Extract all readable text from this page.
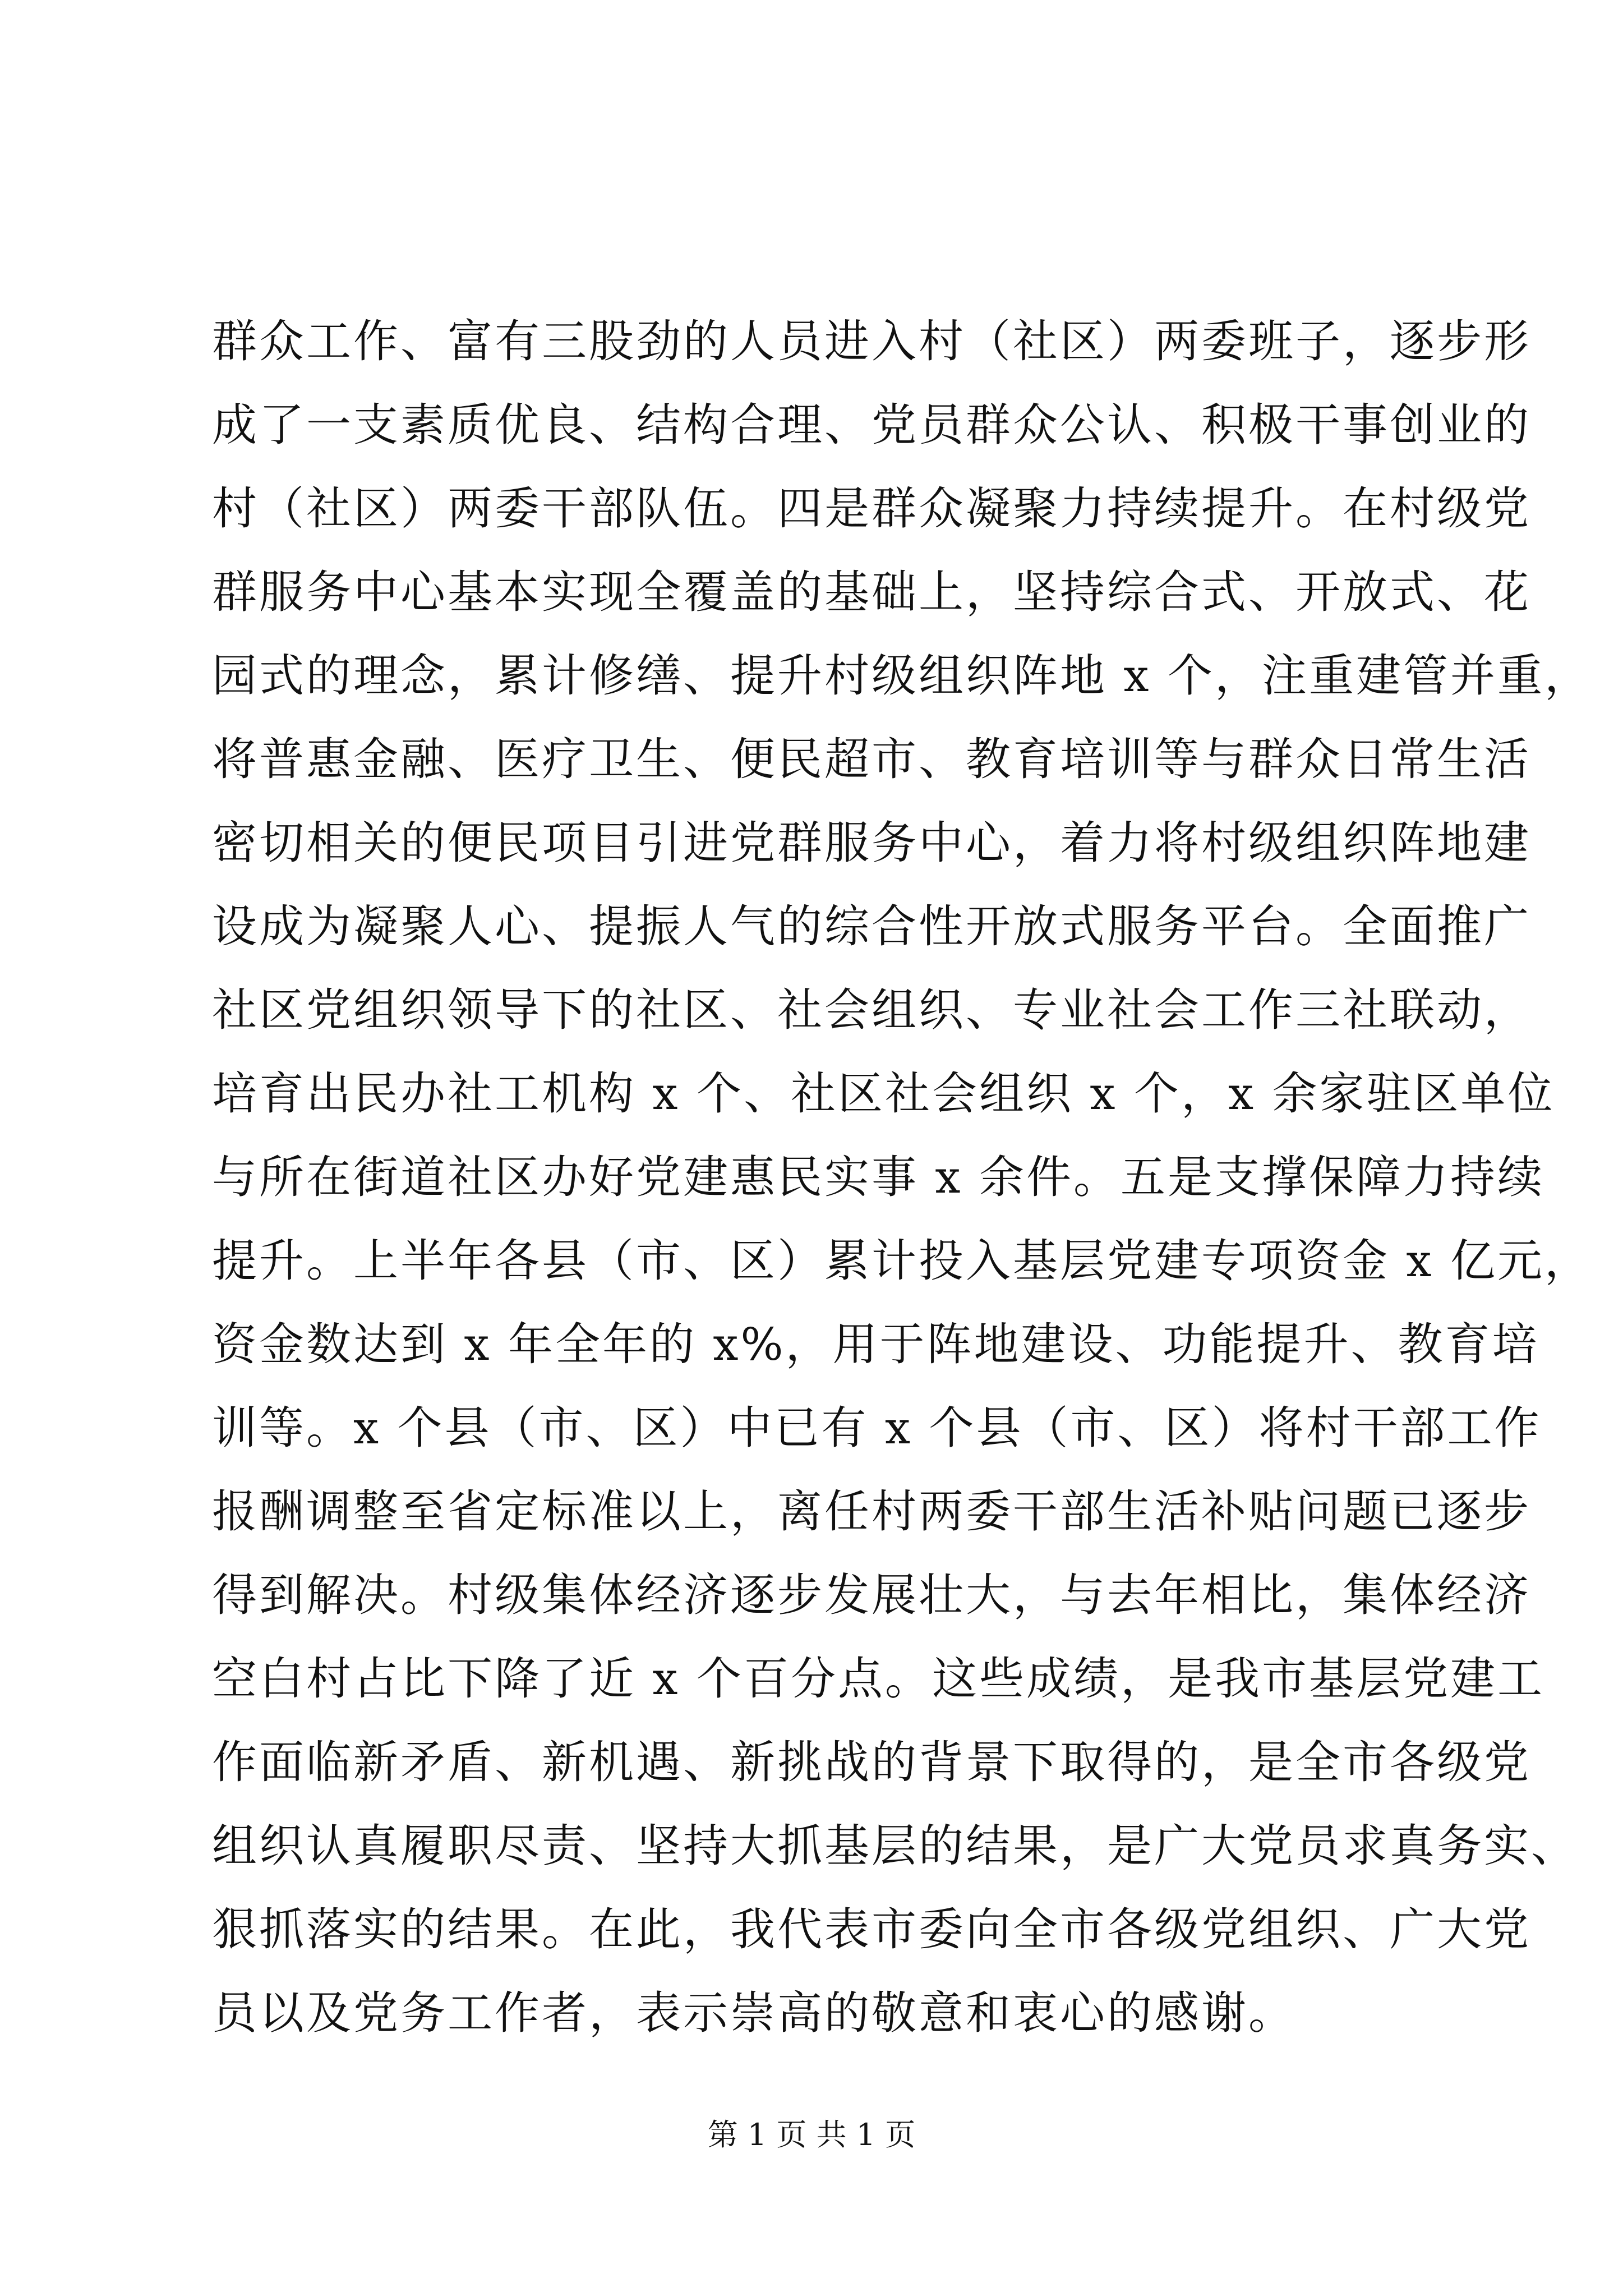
群众工作、富有三股劲的人员进入村（社区）两委班子，逐步形
成了一支素质优良、结构合理、党员群众公认、积极干事创业的
村（社区）两委干部队伍。四是群众凝聚力持续提升。在村级党
群服务中心基本实现全覆盖的基础上，坚持综合式、开放式、花
园式的理念，累计修缮、提升村级组织阵地 x 个，注重建管并重，
将普惠金融、医疗卫生、便民超市、教育培训等与群众日常生活
密切相关的便民项目引进党群服务中心，着力将村级组织阵地建
设成为凝聚人心、提振人气的综合性开放式服务平台。全面推广
社区党组织领导下的社区、社会组织、专业社会工作三社联动，
培育出民办社工机构 x 个、社区社会组织 x 个，x 余家驻区单位
与所在街道社区办好党建惠民实事 x 余件。五是支撑保障力持续
提升。上半年各县（市、区）累计投入基层党建专项资金 x 亿元，
资金数达到 x 年全年的 x%，用于阵地建设、功能提升、教育培
训等。x 个县（市、区）中已有 x 个县（市、区）将村干部工作
报酬调整至省定标准以上，离任村两委干部生活补贴问题已逐步
得到解决。村级集体经济逐步发展壮大，与去年相比，集体经济
空白村占比下降了近 x 个百分点。这些成绩，是我市基层党建工
作面临新矛盾、新机遇、新挑战的背景下取得的，是全市各级党
组织认真履职尽责、坚持大抓基层的结果，是广大党员求真务实、
狠抓落实的结果。在此，我代表市委向全市各级党组织、广大党
员以及党务工作者，表示崇高的敬意和衷心的感谢。
第 1 页 共 1 页
